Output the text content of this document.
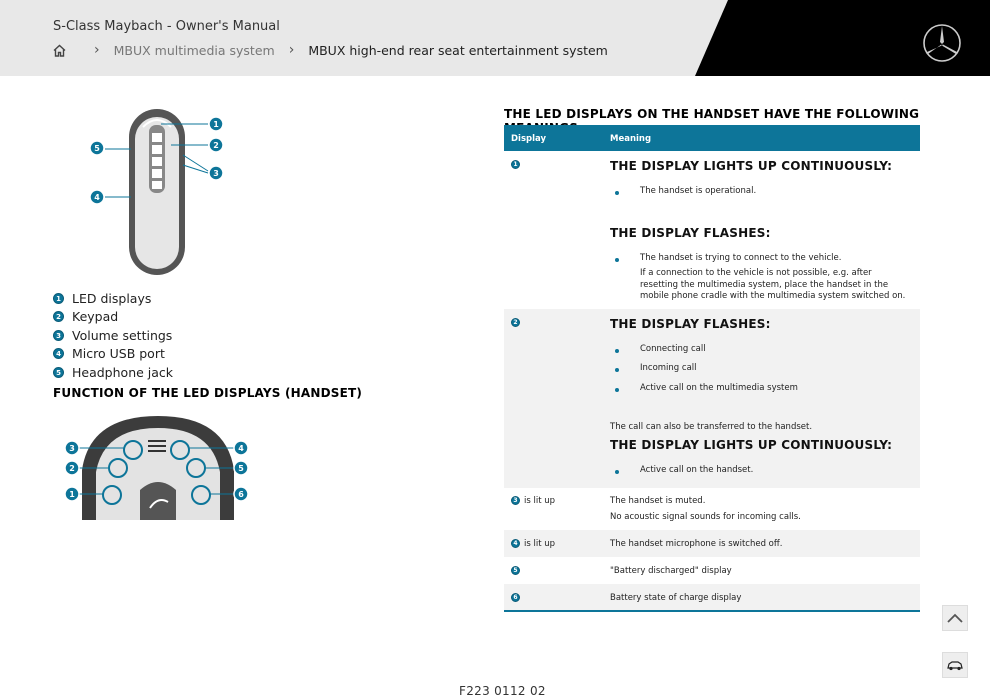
S-Class Maybach - Owner's Manual
› MBUX multimedia system › MBUX high-end rear seat entertainment system
1
2
3
5
4
1 LED displays
2 Keypad
3 Volume settings
4 Micro USB port
5 Headphone jack
FUNCTION OF THE LED DISPLAYS (HANDSET)
3
2
1
4
5
6
THE LED DISPLAYS ON THE HANDSET HAVE THE FOLLOWING
Display	Meaning
1	THE DISPLAY LIGHTS UP CONTINUOUSLY:
The handset is operational.
THE DISPLAY FLASHES:
The handset is trying to connect to the vehicle.
If a connection to the vehicle is not possible, e.g. after resetting the multimedia system, place the handset in the mobile phone cradle with the multimedia system switched on.
2	THE DISPLAY FLASHES:
Connecting call
Incoming call
Active call on the multimedia system
The call can also be transferred to the handset.
THE DISPLAY LIGHTS UP CONTINUOUSLY:
Active call on the handset.
3 is lit up	The handset is muted.
No acoustic signal sounds for incoming calls.
4 is lit up	The handset microphone is switched off.
5	"Battery discharged" display
6	Battery state of charge display
F223 0112 02
